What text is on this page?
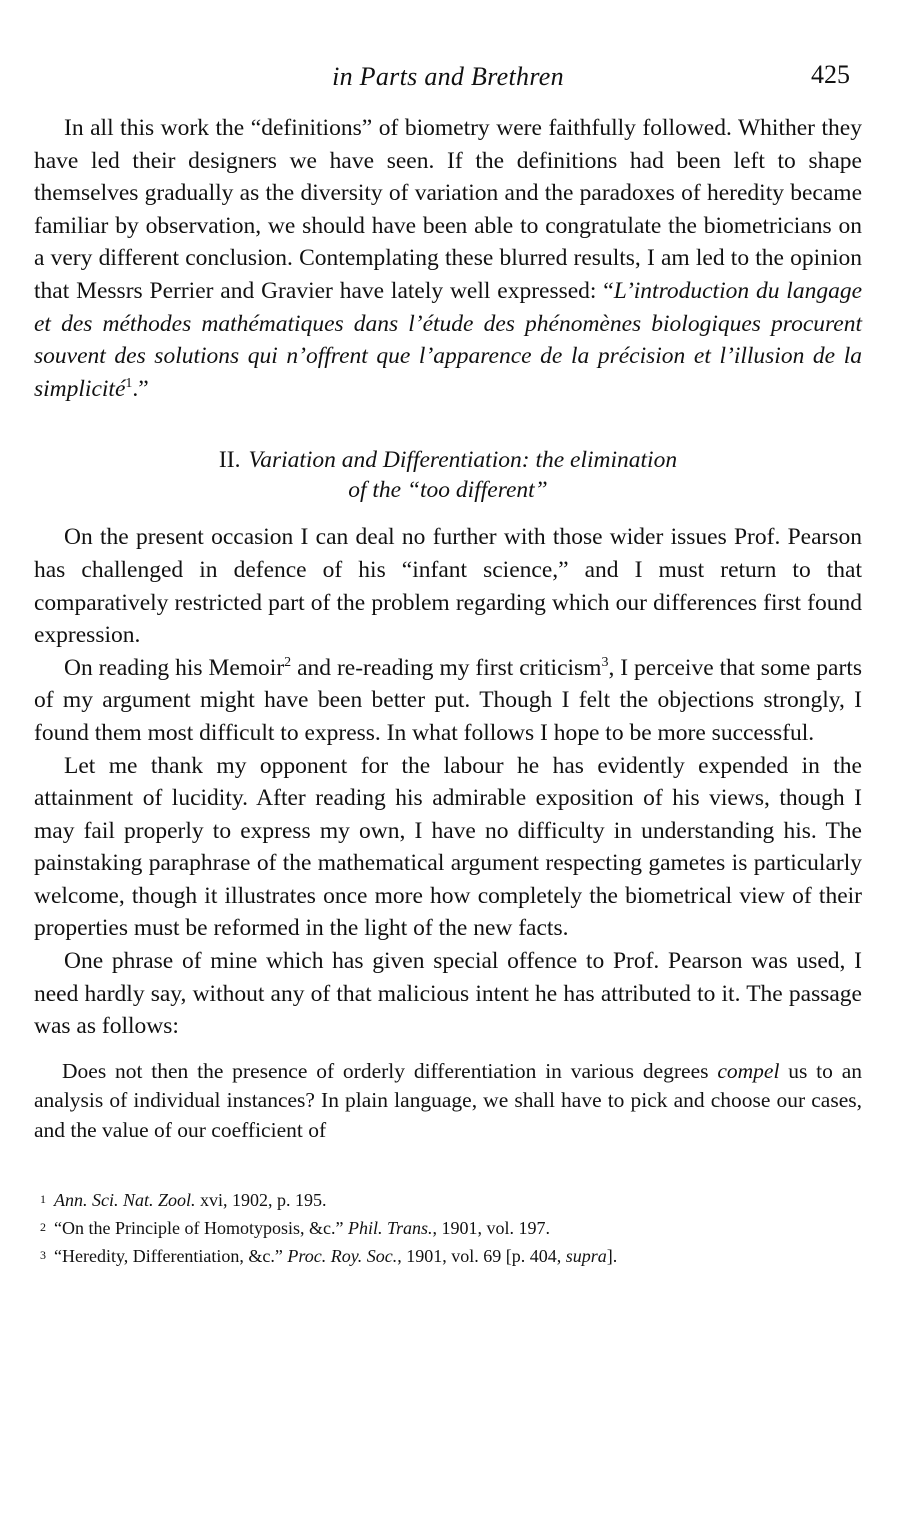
in Parts and Brethren	425

In all this work the “definitions” of biometry were faithfully followed. Whither they have led their designers we have seen. If the definitions had been left to shape themselves gradually as the diversity of variation and the paradoxes of heredity became familiar by observation, we should have been able to congratulate the biometricians on a very different conclusion. Contemplating these blurred results, I am led to the opinion that Messrs Perrier and Gravier have lately well expressed: “L’introduction du langage et des méthodes mathématiques dans l’étude des phénomènes biologiques procurent souvent des solutions qui n’offrent que l’apparence de la précision et l’illusion de la simplicité$^1$.”

II. Variation and Differentiation: the elimination
of the “too different”

On the present occasion I can deal no further with those wider issues Prof. Pearson has challenged in defence of his “infant science,” and I must return to that comparatively restricted part of the problem regarding which our differences first found expression.

On reading his Memoir$^2$ and re-reading my first criticism$^3$, I perceive that some parts of my argument might have been better put. Though I felt the objections strongly, I found them most difficult to express. In what follows I hope to be more successful.

Let me thank my opponent for the labour he has evidently expended in the attainment of lucidity. After reading his admirable exposition of his views, though I may fail properly to express my own, I have no difficulty in understanding his. The painstaking paraphrase of the mathematical argument respecting gametes is particularly welcome, though it illustrates once more how completely the biometrical view of their properties must be reformed in the light of the new facts.

One phrase of mine which has given special offence to Prof. Pearson was used, I need hardly say, without any of that malicious intent he has attributed to it. The passage was as follows:

Does not then the presence of orderly differentiation in various degrees compel us to an analysis of individual instances? In plain language, we shall have to pick and choose our cases, and the value of our coefficient of
1 Ann. Sci. Nat. Zool. xvi, 1902, p. 195.
2 “On the Principle of Homotyposis, &c.” Phil. Trans., 1901, vol. 197.
3 “Heredity, Differentiation, &c.” Proc. Roy. Soc., 1901, vol. 69 [p. 404, supra].
